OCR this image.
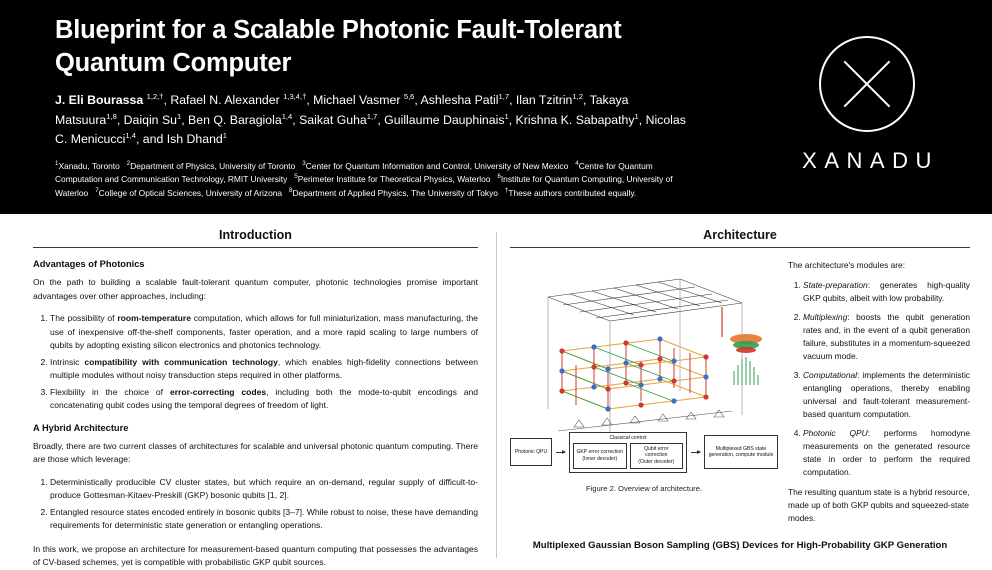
Blueprint for a Scalable Photonic Fault-Tolerant Quantum Computer
J. Eli Bourassa $^{1,2,\dagger}$, Rafael N. Alexander $^{1,3,4,\dagger}$, Michael Vasmer $^{5,6}$, Ashlesha Patil$^{1,7}$, Ilan Tzitrin$^{1,2}$, Takaya Matsuura$^{1,8}$, Daiqin Su$^1$, Ben Q. Baragiola$^{1,4}$, Saikat Guha$^{1,7}$, Guillaume Dauphinais$^1$, Krishna K. Sabapathy$^1$, Nicolas C. Menicucci$^{1,4}$, and Ish Dhand$^1$
$^1$Xanadu, Toronto   $^2$Department of Physics, University of Toronto   $^3$Center for Quantum Information and Control, University of New Mexico   $^4$Centre for Quantum Computation and Communication Technology, RMIT University   $^5$Perimeter Institute for Theoretical Physics, Waterloo   $^6$Institute for Quantum Computing, University of Waterloo   $^7$College of Optical Sciences, University of Arizona   $^8$Department of Applied Physics, The University of Tokyo   †These authors contributed equally.
XANADU
Introduction
Advantages of Photonics

On the path to building a scalable fault-tolerant quantum computer, photonic technologies promise important advantages over other approaches, including:

1. The possibility of room-temperature computation, which allows for full miniaturization, mass manufacturing, the use of inexpensive off-the-shelf components, faster operation, and a more rapid scaling to large numbers of qubits by adopting existing silicon electronics and photonics technology.
2. Intrinsic compatibility with communication technology, which enables high-fidelity connections between multiple modules without noisy transduction steps required in other platforms.
3. Flexibility in the choice of error-correcting codes, including both the mode-to-qubit encodings and concatenating qubit codes using the temporal degrees of freedom of light.
A Hybrid Architecture

Broadly, there are two current classes of architectures for scalable and universal photonic quantum computing. There are those which leverage:

1. Deterministically producible CV cluster states, but which require an on-demand, regular supply of difficult-to-produce Gottesman-Kitaev-Preskill (GKP) bosonic qubits [1, 2].
2. Entangled resource states encoded entirely in bosonic qubits [3–7]. While robust to noise, these have demanding requirements for deterministic state generation or entangling operations.

In this work, we propose an architecture for measurement-based quantum computing that possesses the advantages of CV-based schemes, yet is compatible with probabilistic GKP qubit sources.

Architecture
Photonic QPU
Classical control
GKP error correction
(Inner decoder)
Qubit error correction
(Outer decoder)
Multiplexed GBS state generation, compute module
Figure 2. Overview of architecture.

The architecture's modules are:

1. State-preparation: generates high-quality GKP qubits, albeit with low probability.
2. Multiplexing: boosts the qubit generation rates and, in the event of a qubit generation failure, substitutes in a momentum-squeezed vacuum mode.
3. Computational: implements the deterministic entangling operations, thereby enabling universal and fault-tolerant measurement-based quantum computation.
4. Photonic QPU: performs homodyne measurements on the generated resource state in order to perform the required computation.

The resulting quantum state is a hybrid resource, made up of both GKP qubits and squeezed-state modes.

Multiplexed Gaussian Boson Sampling (GBS) Devices for High-Probability GKP Generation
